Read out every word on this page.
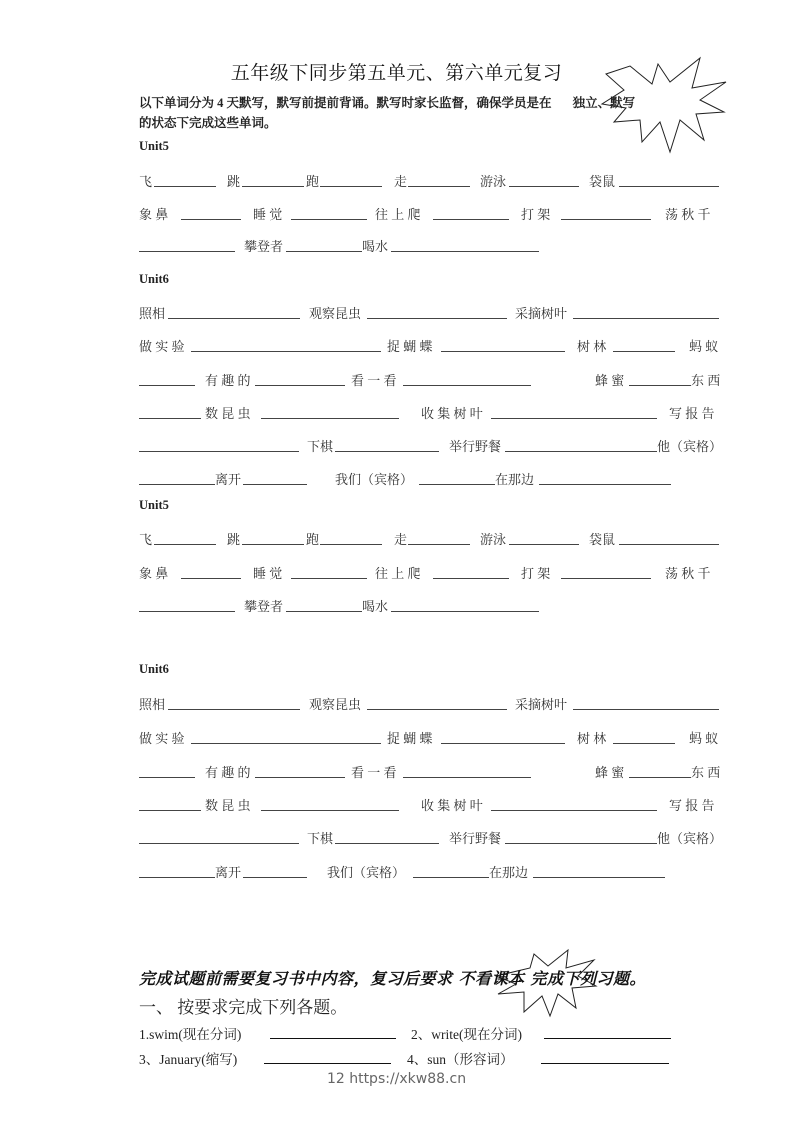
五年级下同步第五单元、第六单元复习
以下单词分为 4 天默写，默写前提前背诵。默写时家长监督，确保学员是在 独立、默写
的状态下完成这些单词。
Unit5
飞	跳	跑	走	游泳	袋鼠
象 鼻	睡 觉	往 上 爬	打 架	荡 秋 千
攀登者	喝水
Unit6
照相	观察昆虫	采摘树叶
做 实 验	捉 蝴 蝶	树 林	蚂 蚁
有 趣 的	看 一 看	蜂 蜜	东 西
数 昆 虫	收 集 树 叶	写 报 告
下棋	举行野餐	他（宾格）
离开	我们（宾格）	在那边
Unit5
飞	跳	跑	走	游泳	袋鼠
象 鼻	睡 觉	往 上 爬	打 架	荡 秋 千
攀登者	喝水
Unit6
照相	观察昆虫	采摘树叶
做 实 验	捉 蝴 蝶	树 林	蚂 蚁
有 趣 的	看 一 看	蜂 蜜	东 西
数 昆 虫	收 集 树 叶	写 报 告
下棋	举行野餐	他（宾格）
离开	我们（宾格）	在那边
完成试题前需要复习书中内容，复习后要求 不看课本 完成下列习题。
一、 按要求完成下列各题。
1.swim(现在分词)	2、write(现在分词)
3、January(缩写)	4、sun（形容词）
12 https://xkw88.cn
